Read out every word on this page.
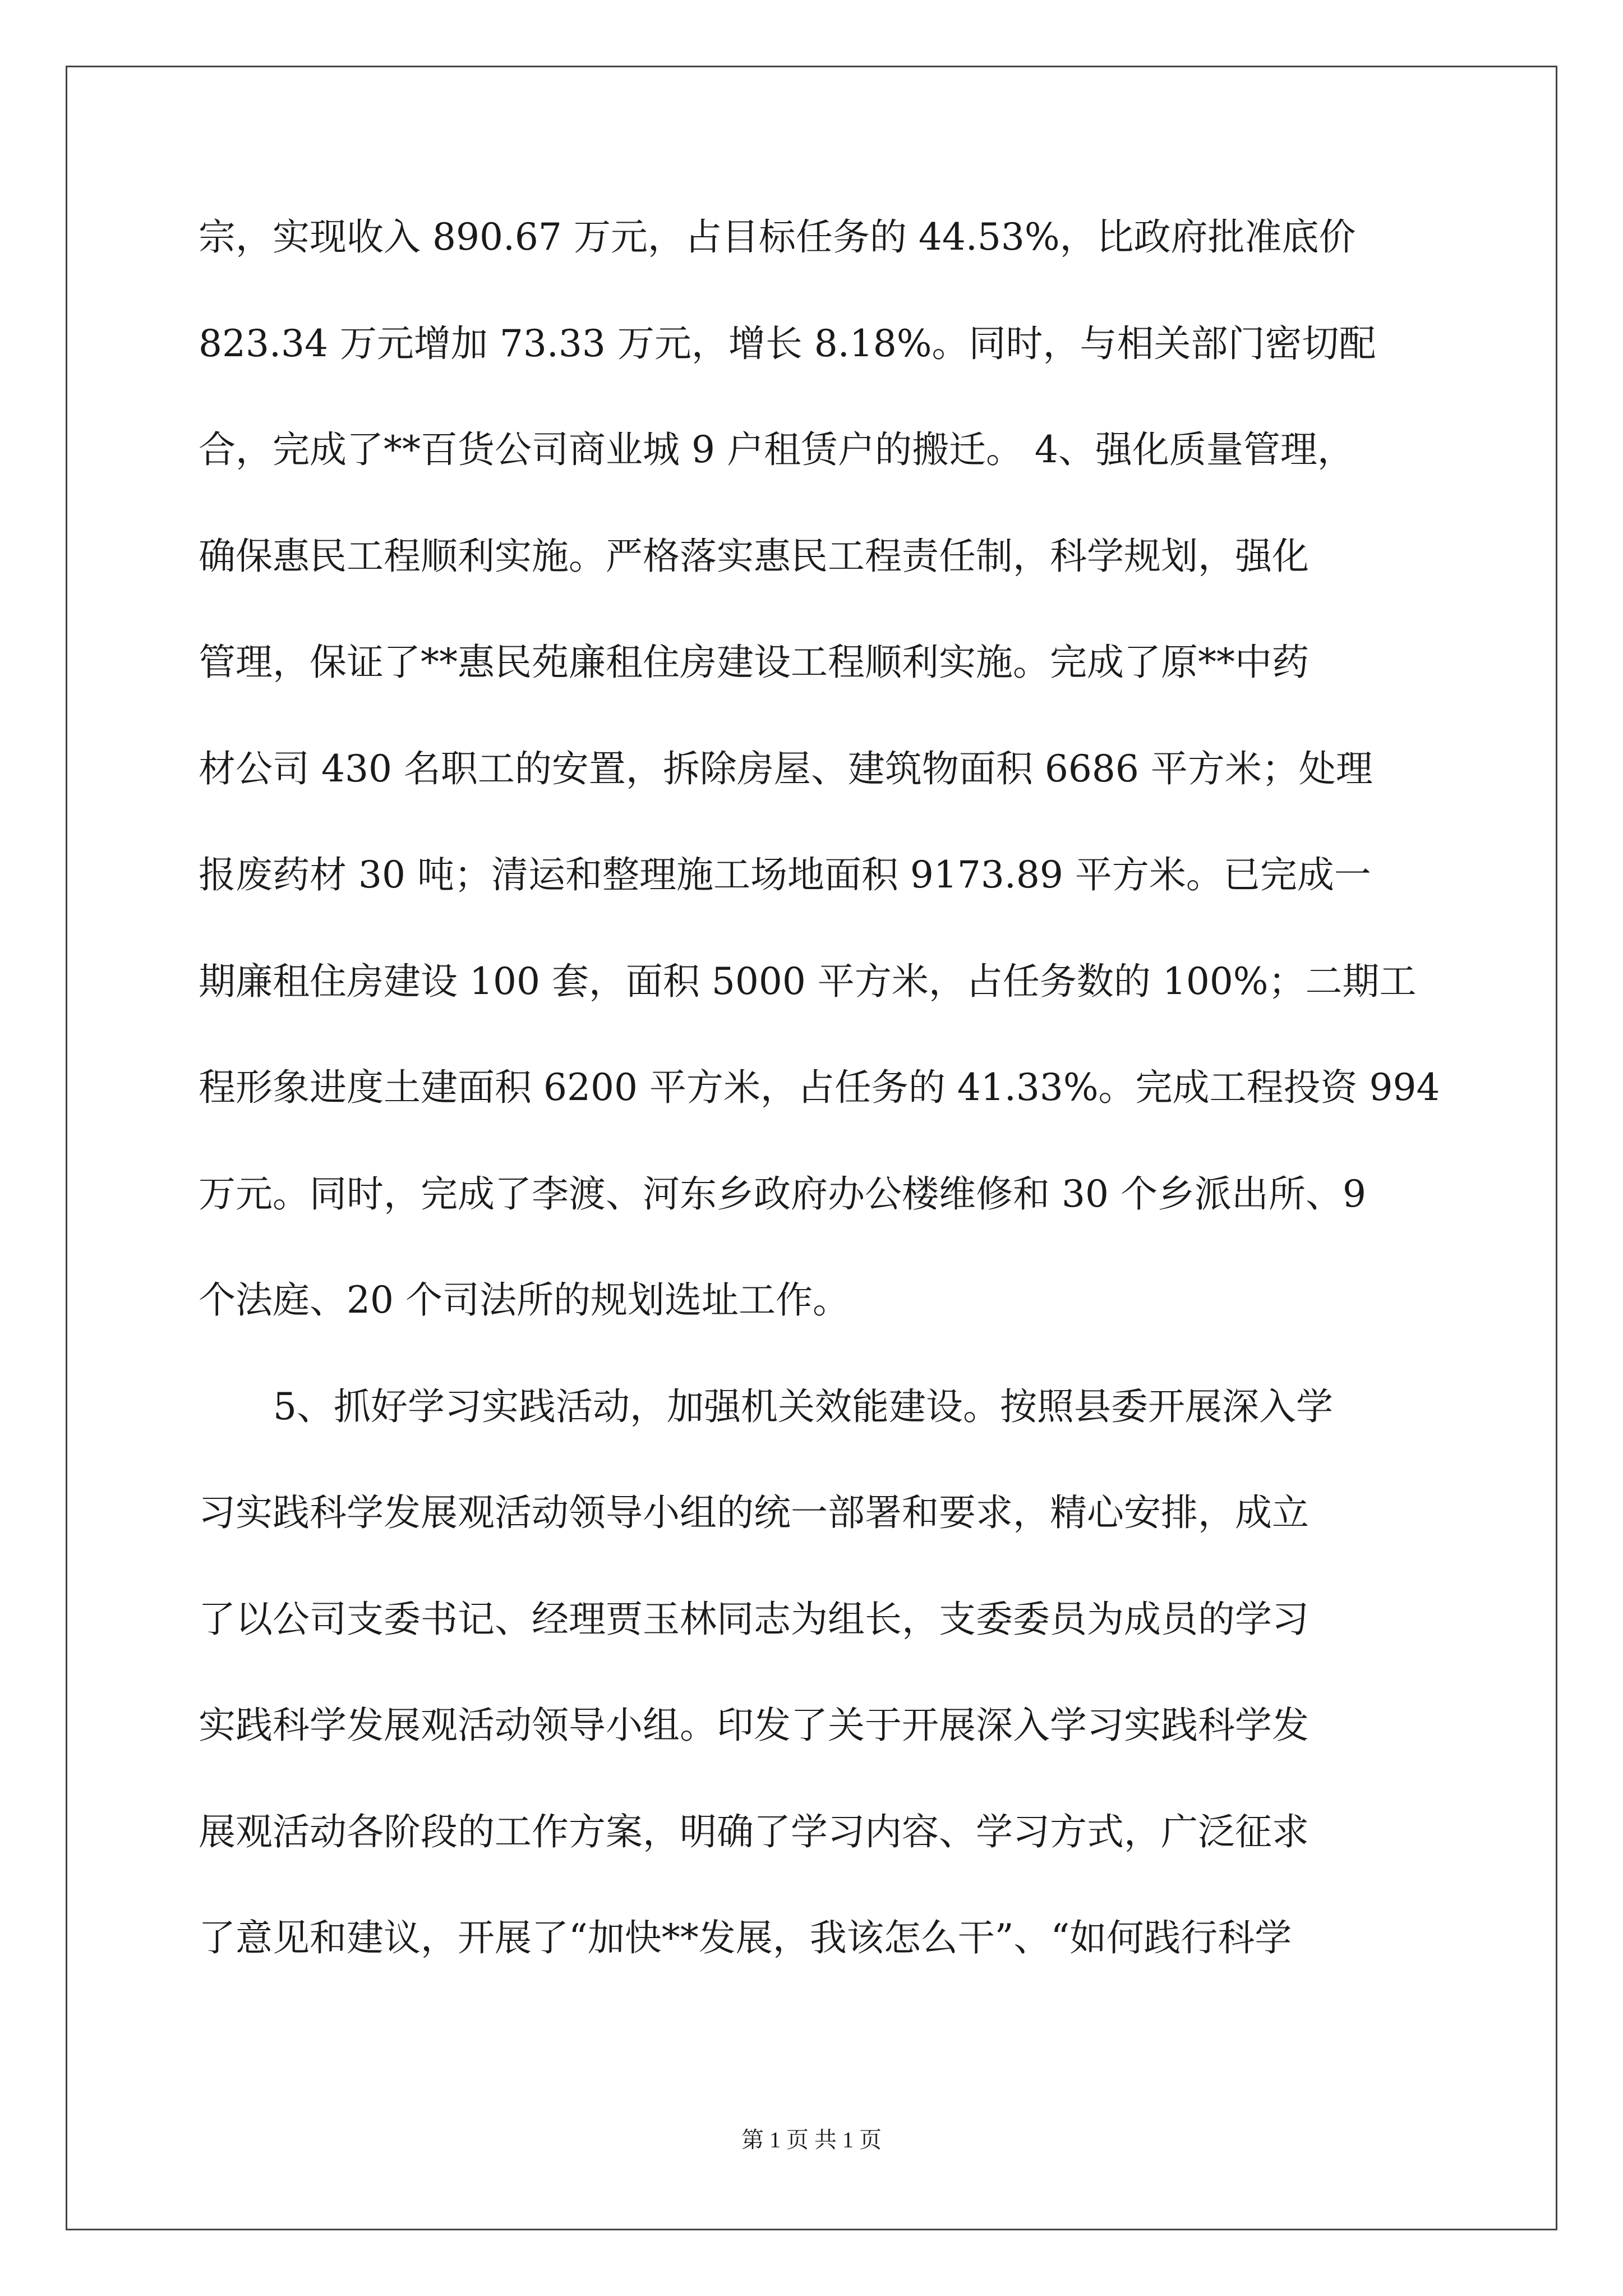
宗，实现收入 890.67 万元，占目标任务的 44.53%，比政府批准底价
823.34 万元增加 73.33 万元，增长 8.18%。同时，与相关部门密切配
合，完成了**百货公司商业城 9 户租赁户的搬迁。 4、强化质量管理，
确保惠民工程顺利实施。严格落实惠民工程责任制，科学规划，强化
管理，保证了**惠民苑廉租住房建设工程顺利实施。完成了原**中药
材公司 430 名职工的安置，拆除房屋、建筑物面积 6686 平方米；处理
报废药材 30 吨；清运和整理施工场地面积 9173.89 平方米。已完成一
期廉租住房建设 100 套，面积 5000 平方米，占任务数的 100%；二期工
程形象进度土建面积 6200 平方米，占任务的 41.33%。完成工程投资 994
万元。同时，完成了李渡、河东乡政府办公楼维修和 30 个乡派出所、9
个法庭、20 个司法所的规划选址工作。
5、抓好学习实践活动，加强机关效能建设。按照县委开展深入学
习实践科学发展观活动领导小组的统一部署和要求，精心安排，成立
了以公司支委书记、经理贾玉林同志为组长，支委委员为成员的学习
实践科学发展观活动领导小组。印发了关于开展深入学习实践科学发
展观活动各阶段的工作方案，明确了学习内容、学习方式，广泛征求
了意见和建议，开展了“加快**发展，我该怎么干”、“如何践行科学
第 1 页 共 1 页
